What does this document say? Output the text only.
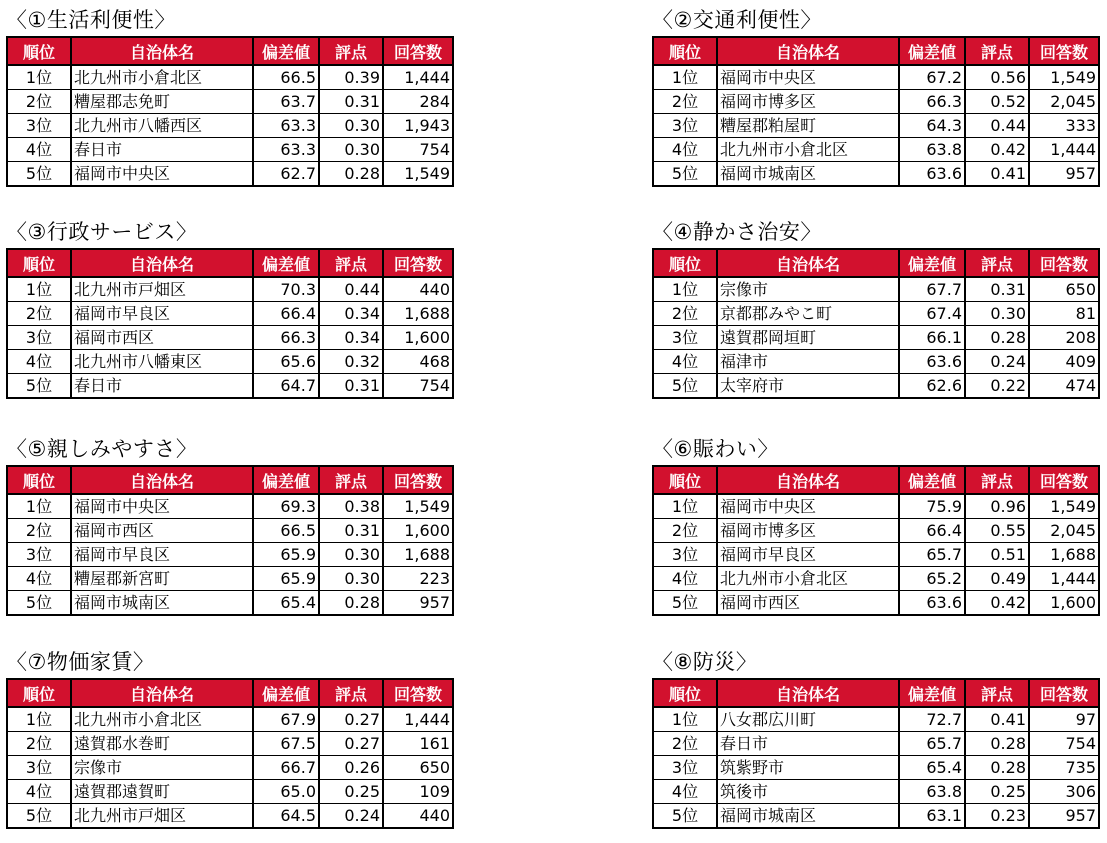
〈①生活利便性〉
順位	自治体名	偏差値	評点	回答数
1位	北九州市小倉北区	66.5	0.39	1,444
2位	糟屋郡志免町	63.7	0.31	284
3位	北九州市八幡西区	63.3	0.30	1,943
4位	春日市	63.3	0.30	754
5位	福岡市中央区	62.7	0.28	1,549
〈②交通利便性〉
順位	自治体名	偏差値	評点	回答数
1位	福岡市中央区	67.2	0.56	1,549
2位	福岡市博多区	66.3	0.52	2,045
3位	糟屋郡粕屋町	64.3	0.44	333
4位	北九州市小倉北区	63.8	0.42	1,444
5位	福岡市城南区	63.6	0.41	957
〈③行政サービス〉
順位	自治体名	偏差値	評点	回答数
1位	北九州市戸畑区	70.3	0.44	440
2位	福岡市早良区	66.4	0.34	1,688
3位	福岡市西区	66.3	0.34	1,600
4位	北九州市八幡東区	65.6	0.32	468
5位	春日市	64.7	0.31	754
〈④静かさ治安〉
順位	自治体名	偏差値	評点	回答数
1位	宗像市	67.7	0.31	650
2位	京都郡みやこ町	67.4	0.30	81
3位	遠賀郡岡垣町	66.1	0.28	208
4位	福津市	63.6	0.24	409
5位	太宰府市	62.6	0.22	474
〈⑤親しみやすさ〉
順位	自治体名	偏差値	評点	回答数
1位	福岡市中央区	69.3	0.38	1,549
2位	福岡市西区	66.5	0.31	1,600
3位	福岡市早良区	65.9	0.30	1,688
4位	糟屋郡新宮町	65.9	0.30	223
5位	福岡市城南区	65.4	0.28	957
〈⑥賑わい〉
順位	自治体名	偏差値	評点	回答数
1位	福岡市中央区	75.9	0.96	1,549
2位	福岡市博多区	66.4	0.55	2,045
3位	福岡市早良区	65.7	0.51	1,688
4位	北九州市小倉北区	65.2	0.49	1,444
5位	福岡市西区	63.6	0.42	1,600
〈⑦物価家賃〉
順位	自治体名	偏差値	評点	回答数
1位	北九州市小倉北区	67.9	0.27	1,444
2位	遠賀郡水巻町	67.5	0.27	161
3位	宗像市	66.7	0.26	650
4位	遠賀郡遠賀町	65.0	0.25	109
5位	北九州市戸畑区	64.5	0.24	440
〈⑧防災〉
順位	自治体名	偏差値	評点	回答数
1位	八女郡広川町	72.7	0.41	97
2位	春日市	65.7	0.28	754
3位	筑紫野市	65.4	0.28	735
4位	筑後市	63.8	0.25	306
5位	福岡市城南区	63.1	0.23	957
